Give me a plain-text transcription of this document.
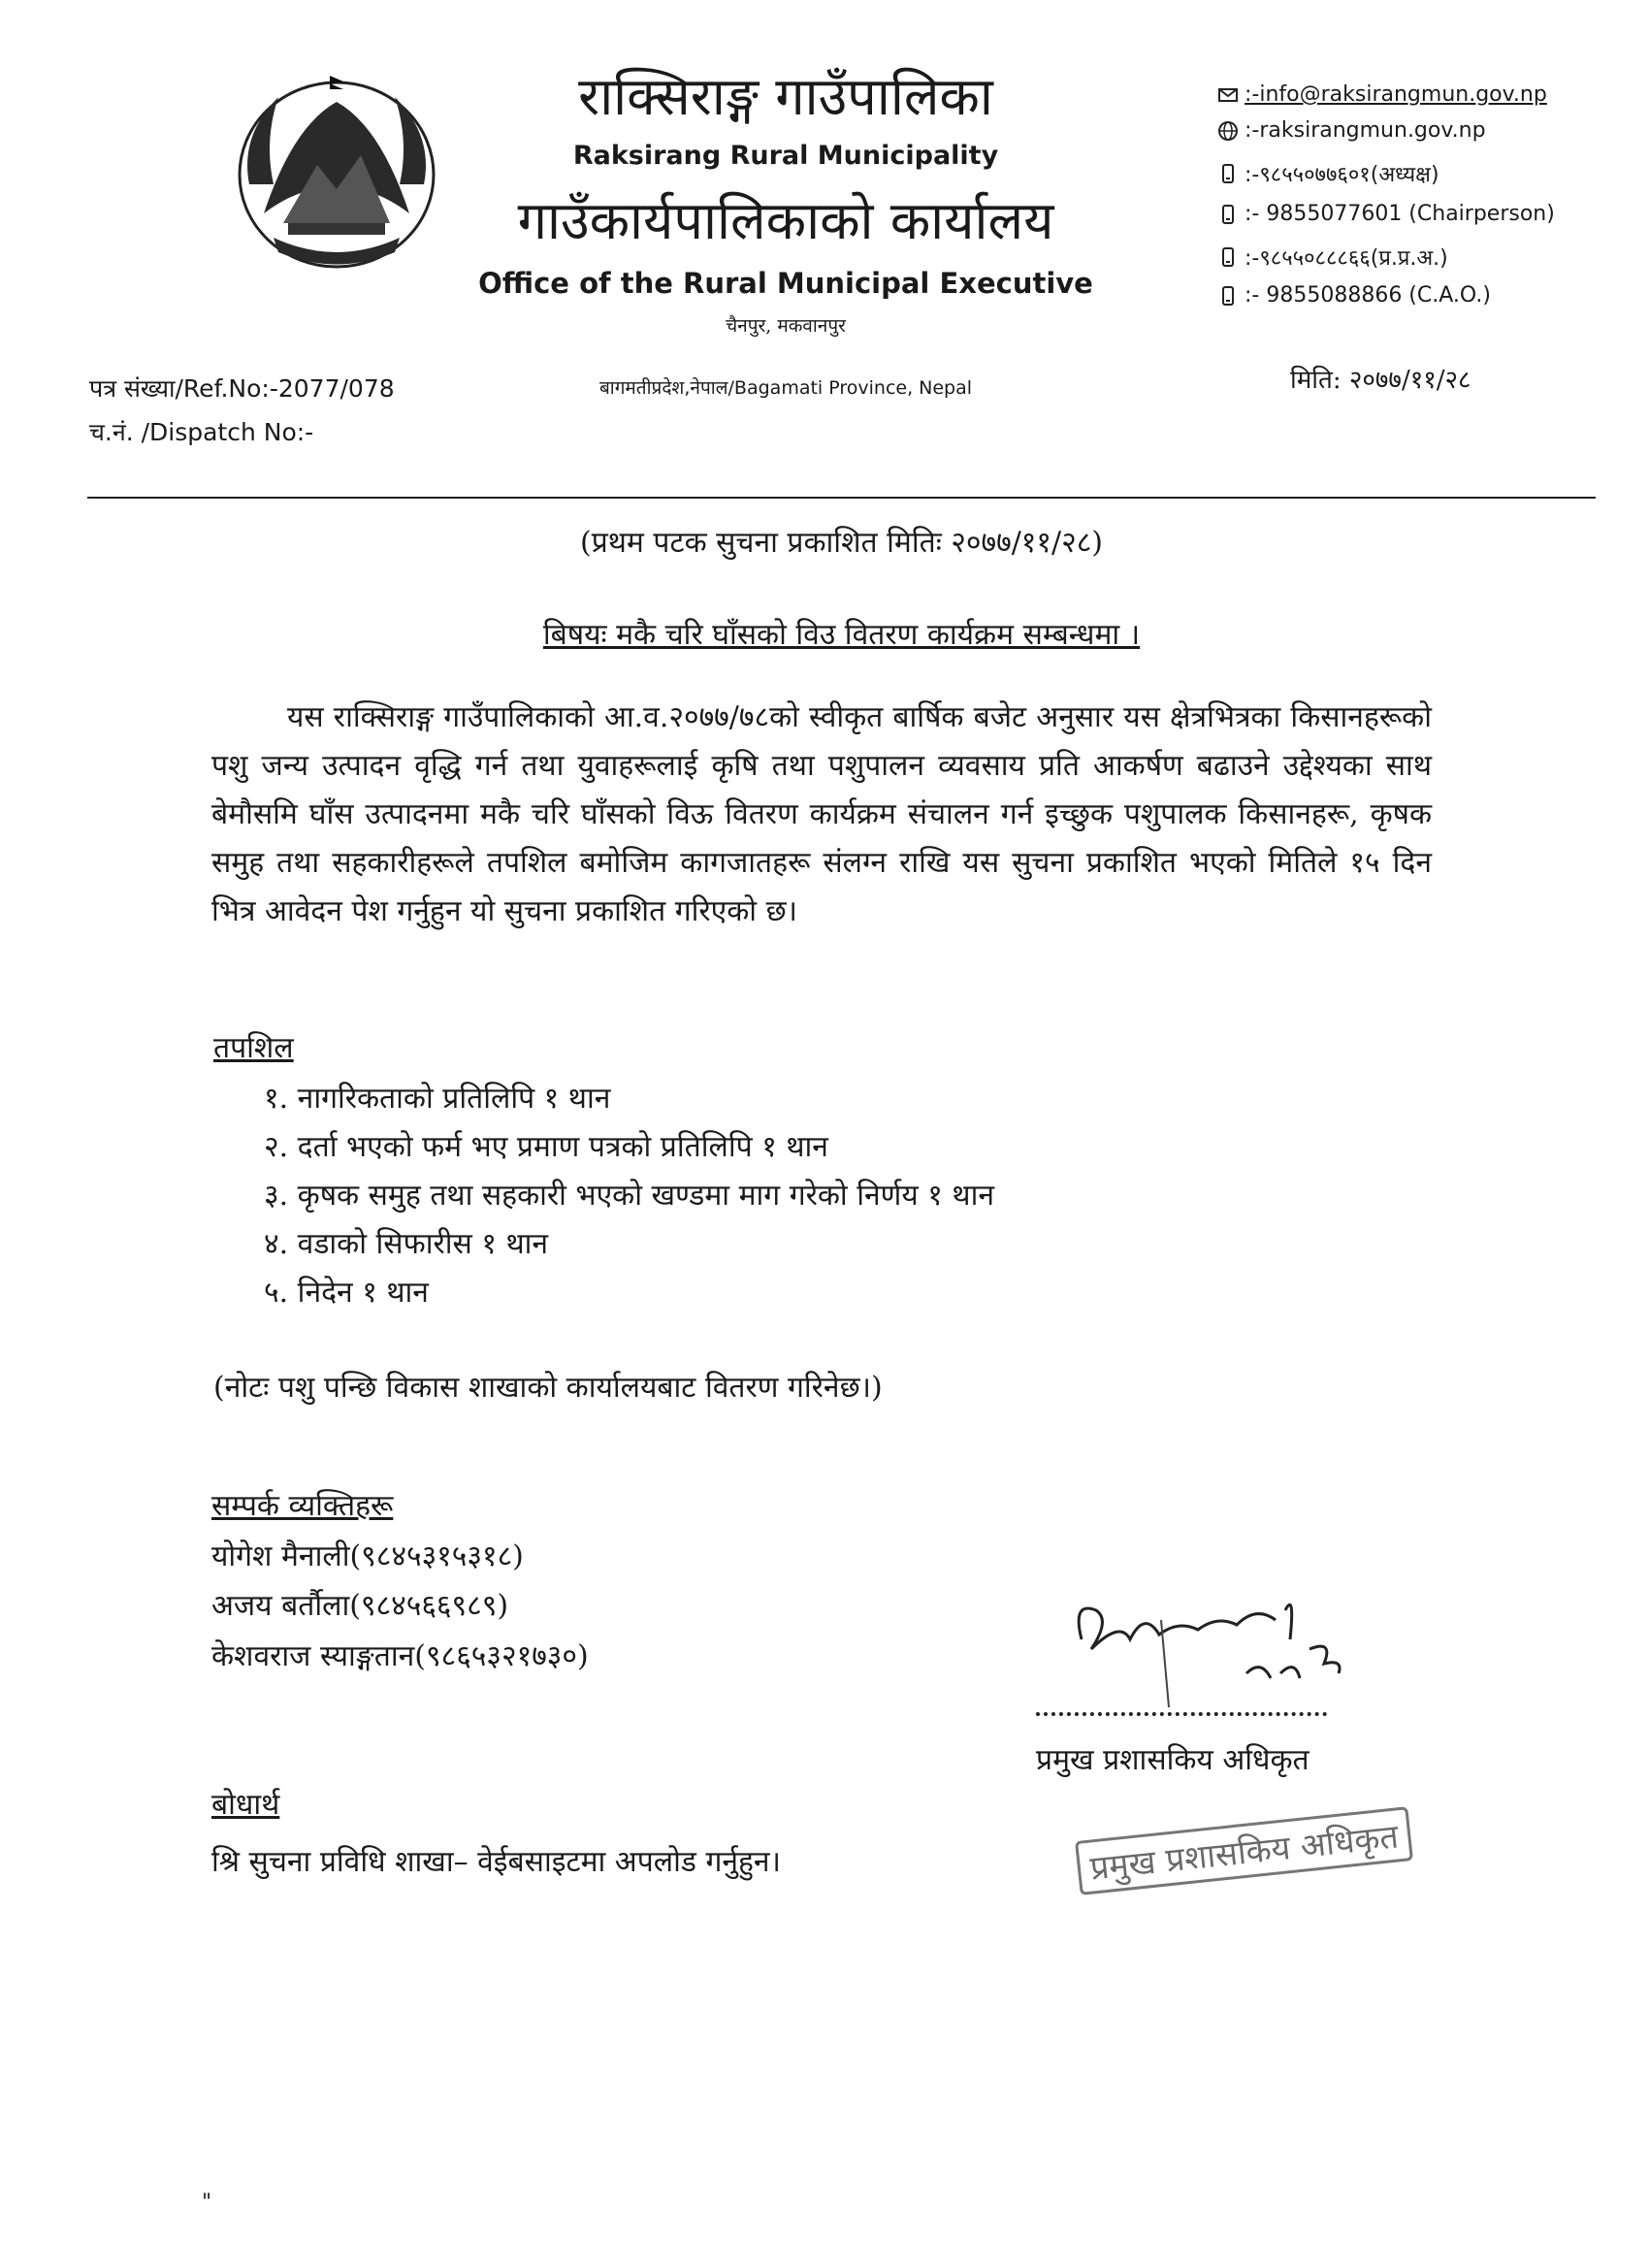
राक्सिराङ्ग गाउँपालिका
Raksirang Rural Municipality
गाउँकार्यपालिकाको कार्यालय
Office of the Rural Municipal Executive
चैनपुर, मकवानपुर
बागमतीप्रदेश,नेपाल/Bagamati Province, Nepal
:-info@raksirangmun.gov.np
:-raksirangmun.gov.np
:-९८५५०७७६०१(अध्यक्ष)
:- 9855077601 (Chairperson)
:-९८५५०८८८६६(प्र.प्र.अ.)
:- 9855088866 (C.A.O.)
पत्र संख्या/Ref.No:-2077/078
च.नं. /Dispatch No:-
मिति: २०७७/११/२८
(प्रथम पटक सुचना प्रकाशित मितिः २०७७/११/२८)
बिषयः मकै चरि घाँसको विउ वितरण कार्यक्रम सम्बन्धमा ।
यस राक्सिराङ्ग गाउँपालिकाको आ.व.२०७७/७८को स्वीकृत बार्षिक बजेट अनुसार यस क्षेत्रभित्रका किसानहरूको पशु जन्य उत्पादन वृद्धि गर्न तथा युवाहरूलाई कृषि तथा पशुपालन व्यवसाय प्रति आकर्षण बढाउने उद्देश्यका साथ बेमौसमि घाँस उत्पादनमा मकै चरि घाँसको विऊ वितरण कार्यक्रम संचालन गर्न इच्छुक पशुपालक किसानहरू, कृषक समुह तथा सहकारीहरूले तपशिल बमोजिम कागजातहरू संलग्न राखि यस सुचना प्रकाशित भएको मितिले १५ दिन भित्र आवेदन पेश गर्नुहुन यो सुचना प्रकाशित गरिएको छ।
तपशिल
१. नागरिकताको प्रतिलिपि १ थान
२. दर्ता भएको फर्म भए प्रमाण पत्रको प्रतिलिपि १ थान
३. कृषक समुह तथा सहकारी भएको खण्डमा माग गरेको निर्णय १ थान
४. वडाको सिफारीस १ थान
५. निदेन १ थान
(नोटः पशु पन्छि विकास शाखाको कार्यालयबाट वितरण गरिनेछ।)
सम्पर्क व्यक्तिहरू
योगेश मैनाली(९८४५३१५३१८)
अजय बर्तौला(९८४५६६९८९)
केशवराज स्याङ्गतान(९८६५३२१७३०)
बोधार्थ
श्रि सुचना प्रविधि शाखा– वेईबसाइटमा अपलोड गर्नुहुन।
प्रमुख प्रशासकिय अधिकृत
प्रमुख प्रशासकिय अधिकृत
"
